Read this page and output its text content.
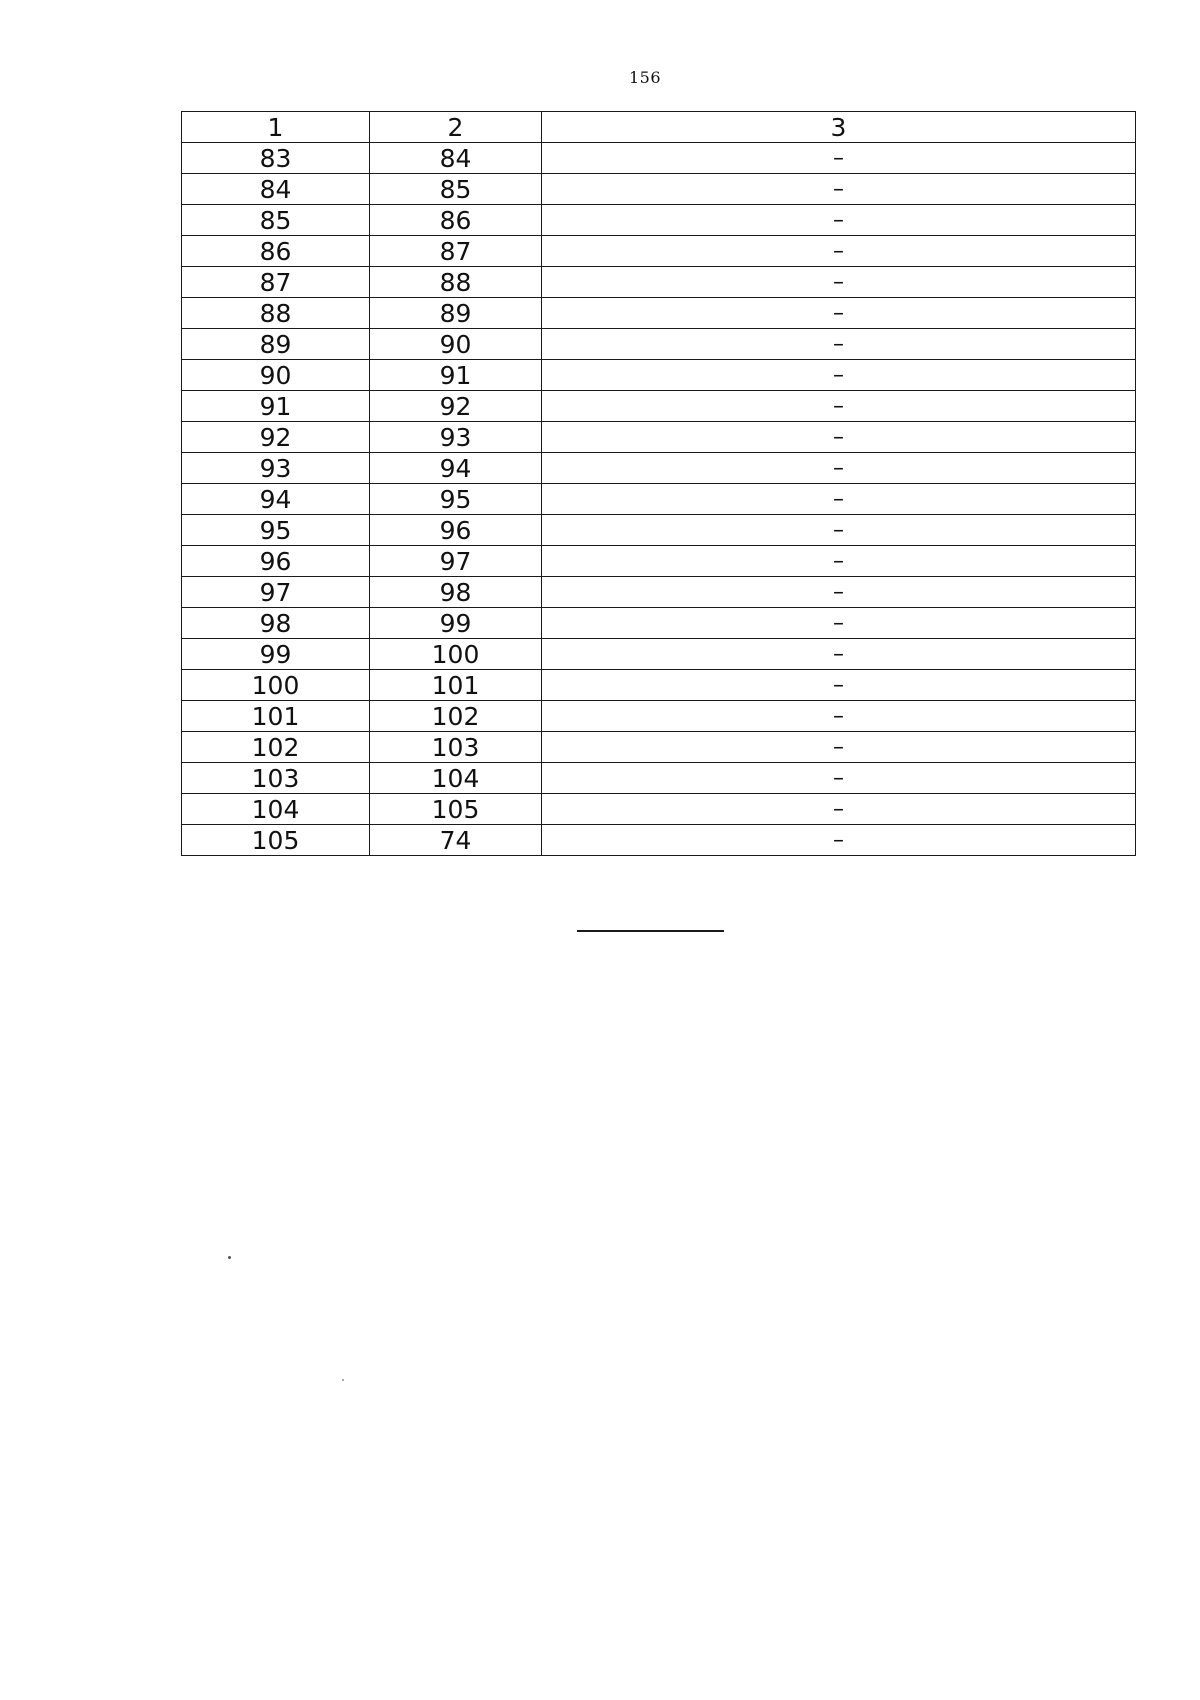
156
1	2	3
83	84	–
84	85	–
85	86	–
86	87	–
87	88	–
88	89	–
89	90	–
90	91	–
91	92	–
92	93	–
93	94	–
94	95	–
95	96	–
96	97	–
97	98	–
98	99	–
99	100	–
100	101	–
101	102	–
102	103	–
103	104	–
104	105	–
105	74	–
